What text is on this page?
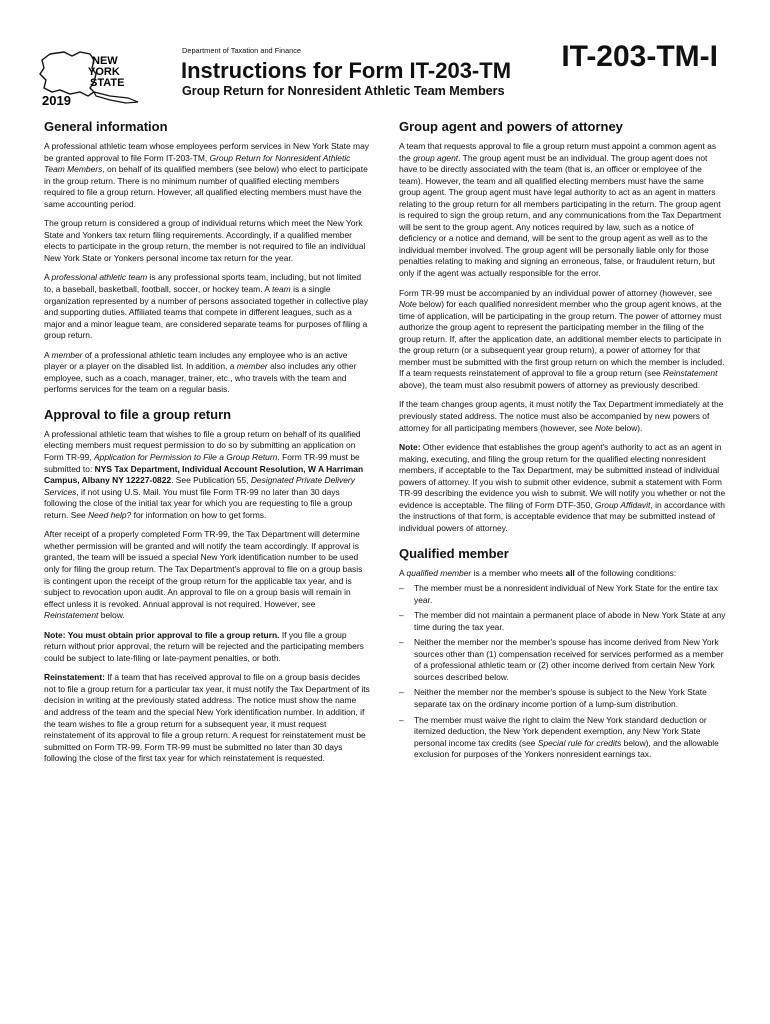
NEW
YORK
STATE
2019
Department of Taxation and Finance
Instructions for Form IT-203-TM
Group Return for Nonresident Athletic Team Members
IT-203-TM-I
General information

A professional athletic team whose employees perform services in New York State may be granted approval to file Form IT-203-TM, Group Return for Nonresident Athletic Team Members, on behalf of its qualified members (see below) who elect to participate in the group return. There is no minimum number of qualified electing members required to file a group return. However, all qualified electing members must have the same accounting period.

The group return is considered a group of individual returns which meet the New York State and Yonkers tax return filing requirements. Accordingly, if a qualified member elects to participate in the group return, the member is not required to file an individual New York State or Yonkers personal income tax return for the year.

A professional athletic team is any professional sports team, including, but not limited to, a baseball, basketball, football, soccer, or hockey team. A team is a single organization represented by a number of persons associated together in collective play and supporting duties. Affiliated teams that compete in different leagues, such as a major and a minor league team, are considered separate teams for purposes of filing a group return.

A member of a professional athletic team includes any employee who is an active player or a player on the disabled list. In addition, a member also includes any other employee, such as a coach, manager, trainer, etc., who travels with the team and performs services for the team on a regular basis.

Approval to file a group return

A professional athletic team that wishes to file a group return on behalf of its qualified electing members must request permission to do so by submitting an application on Form TR-99, Application for Permission to File a Group Return. Form TR-99 must be submitted to: NYS Tax Department, Individual Account Resolution, W A Harriman Campus, Albany NY 12227-0822. See Publication 55, Designated Private Delivery Services, if not using U.S. Mail. You must file Form TR-99 no later than 30 days following the close of the initial tax year for which you are requesting to file a group return. See Need help? for information on how to get forms.

After receipt of a properly completed Form TR-99, the Tax Department will determine whether permission will be granted and will notify the team accordingly. If approval is granted, the team will be issued a special New York identification number to be used only for filing the group return. The Tax Department's approval to file on a group basis is contingent upon the receipt of the group return for the applicable tax year, and is subject to revocation upon audit. An approval to file on a group basis will remain in effect unless it is revoked. Annual approval is not required. However, see Reinstatement below.

Note: You must obtain prior approval to file a group return. If you file a group return without prior approval, the return will be rejected and the participating members could be subject to late-filing or late-payment penalties, or both.

Reinstatement: If a team that has received approval to file on a group basis decides not to file a group return for a particular tax year, it must notify the Tax Department of its decision in writing at the previously stated address. The notice must show the name and address of the team and the special New York identification number. In addition, if the team wishes to file a group return for a subsequent year, it must request reinstatement of its approval to file a group return. A request for reinstatement must be submitted on Form TR-99. Form TR-99 must be submitted no later than 30 days following the close of the first tax year for which reinstatement is requested.

Group agent and powers of attorney

A team that requests approval to file a group return must appoint a common agent as the group agent. The group agent must be an individual. The group agent does not have to be directly associated with the team (that is, an officer or employee of the team). However, the team and all qualified electing members must have the same group agent. The group agent must have legal authority to act as an agent in matters relating to the group return for all members participating in the return. The group agent is required to sign the group return, and any communications from the Tax Department will be sent to the group agent. Any notices required by law, such as a notice of deficiency or a notice and demand, will be sent to the group agent as well as to the individual member involved. The group agent will be personally liable only for those penalties relating to making and signing an erroneous, false, or fraudulent return, but only if the agent was actually responsible for the error.

Form TR-99 must be accompanied by an individual power of attorney (however, see Note below) for each qualified nonresident member who the group agent knows, at the time of application, will be participating in the group return. The power of attorney must authorize the group agent to represent the participating member in the filing of the group return. If, after the application date, an additional member elects to participate in the group return (or a subsequent year group return), a power of attorney for that member must be submitted with the first group return on which the member is included. If a team requests reinstatement of approval to file a group return (see Reinstatement above), the team must also resubmit powers of attorney as previously described.

If the team changes group agents, it must notify the Tax Department immediately at the previously stated address. The notice must also be accompanied by new powers of attorney for all participating members (however, see Note below).

Note: Other evidence that establishes the group agent's authority to act as an agent in making, executing, and filing the group return for the qualified electing nonresident members, if acceptable to the Tax Department, may be submitted instead of individual powers of attorney. If you wish to submit other evidence, submit a statement with Form TR-99 describing the evidence you wish to submit. We will notify you whether or not the evidence is acceptable. The filing of Form DTF-350, Group Affidavit, in accordance with the instructions of that form, is acceptable evidence that may be submitted instead of individual powers of attorney.

Qualified member

A qualified member is a member who meets all of the following conditions:

– The member must be a nonresident individual of New York State for the entire tax year.
– The member did not maintain a permanent place of abode in New York State at any time during the tax year.
– Neither the member nor the member's spouse has income derived from New York sources other than (1) compensation received for services performed as a member of a professional athletic team or (2) other income derived from certain New York sources described below.
– Neither the member nor the member's spouse is subject to the New York State separate tax on the ordinary income portion of a lump-sum distribution.
– The member must waive the right to claim the New York standard deduction or itemized deduction, the New York dependent exemption, any New York State personal income tax credits (see Special rule for credits below), and the allowable exclusion for purposes of the Yonkers nonresident earnings tax.
